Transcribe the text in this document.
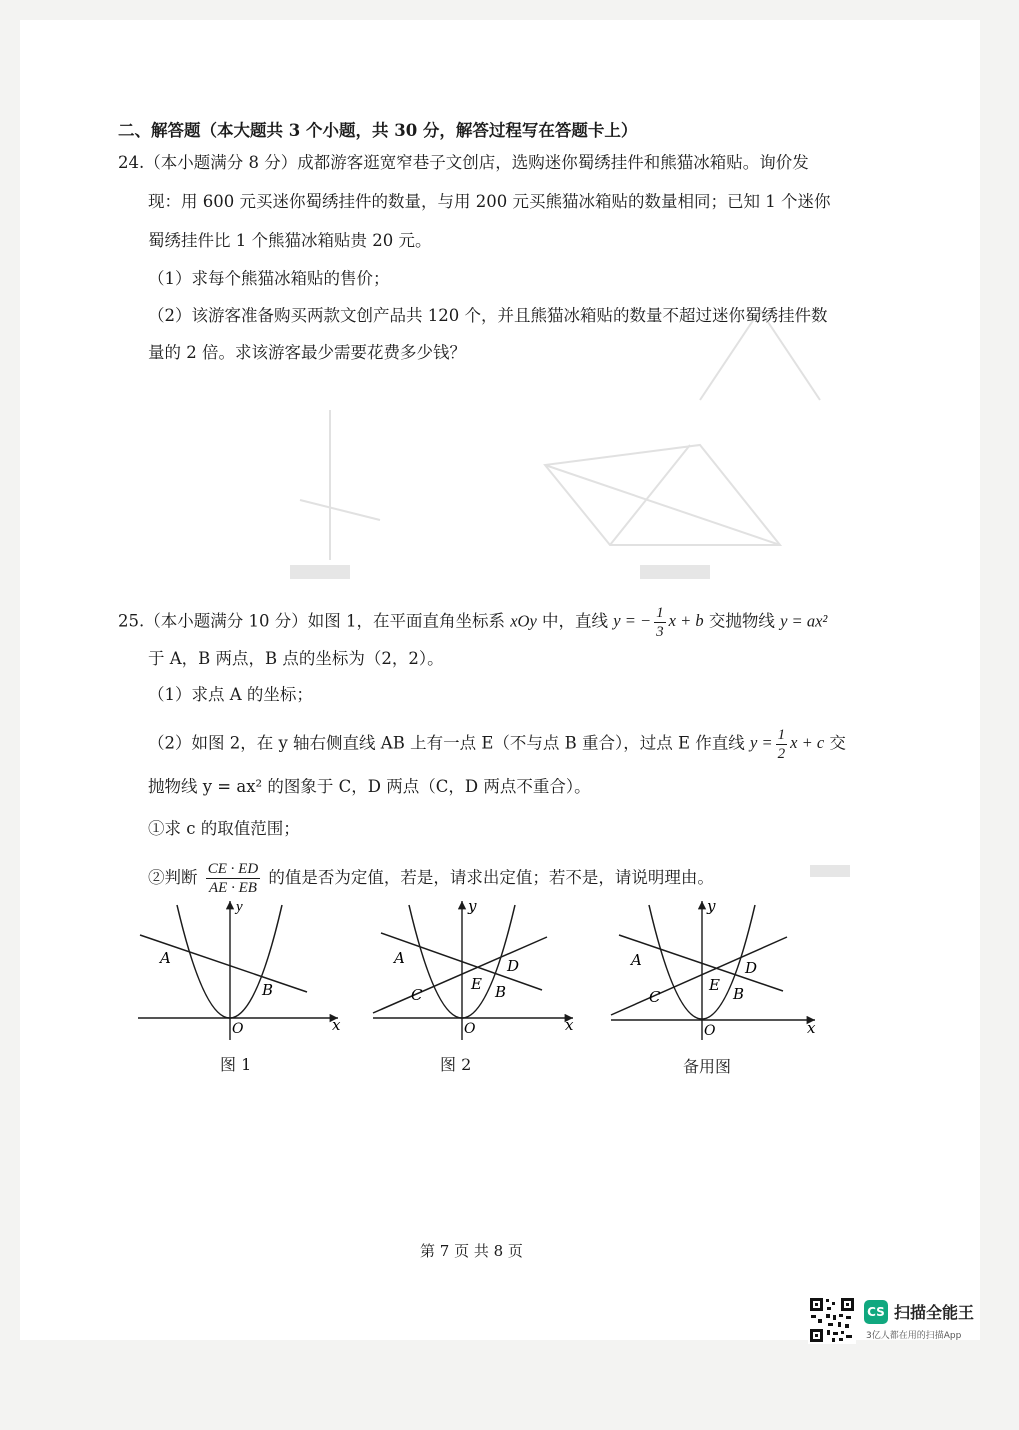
二、解答题（本大题共 3 个小题，共 30 分，解答过程写在答题卡上）
24.（本小题满分 8 分）成都游客逛宽窄巷子文创店，选购迷你蜀绣挂件和熊猫冰箱贴。询价发
现：用 600 元买迷你蜀绣挂件的数量，与用 200 元买熊猫冰箱贴的数量相同；已知 1 个迷你
蜀绣挂件比 1 个熊猫冰箱贴贵 20 元。
（1）求每个熊猫冰箱贴的售价；
（2）该游客准备购买两款文创产品共 120 个，并且熊猫冰箱贴的数量不超过迷你蜀绣挂件数
量的 2 倍。求该游客最少需要花费多少钱？
25.（本小题满分 10 分）如图 1，在平面直角坐标系 xOy 中，直线 y = − $\frac{1}{3}$ x + b 交抛物线 y = ax²
于 A，B 两点，B 点的坐标为（2，2）。
（1）求点 A 的坐标；
（2）如图 2，在 y 轴右侧直线 AB 上有一点 E（不与点 B 重合），过点 E 作直线 $y = \frac{1}{2}$ x + c 交
抛物线 y = ax² 的图象于 C，D 两点（C，D 两点不重合）。
①求 c 的取值范围；
②判断 $\frac{CE \cdot ED}{AE \cdot EB}$ 的值是否为定值，若是，请求出定值；若不是，请说明理由。
y
x
O
A
B
图 1
y
x
O
A
B
C
D
E
图 2
y
x
O
A
B
C
D
E
备用图
第 7 页 共 8 页
CS 扫描全能王
3亿人都在用的扫描App
